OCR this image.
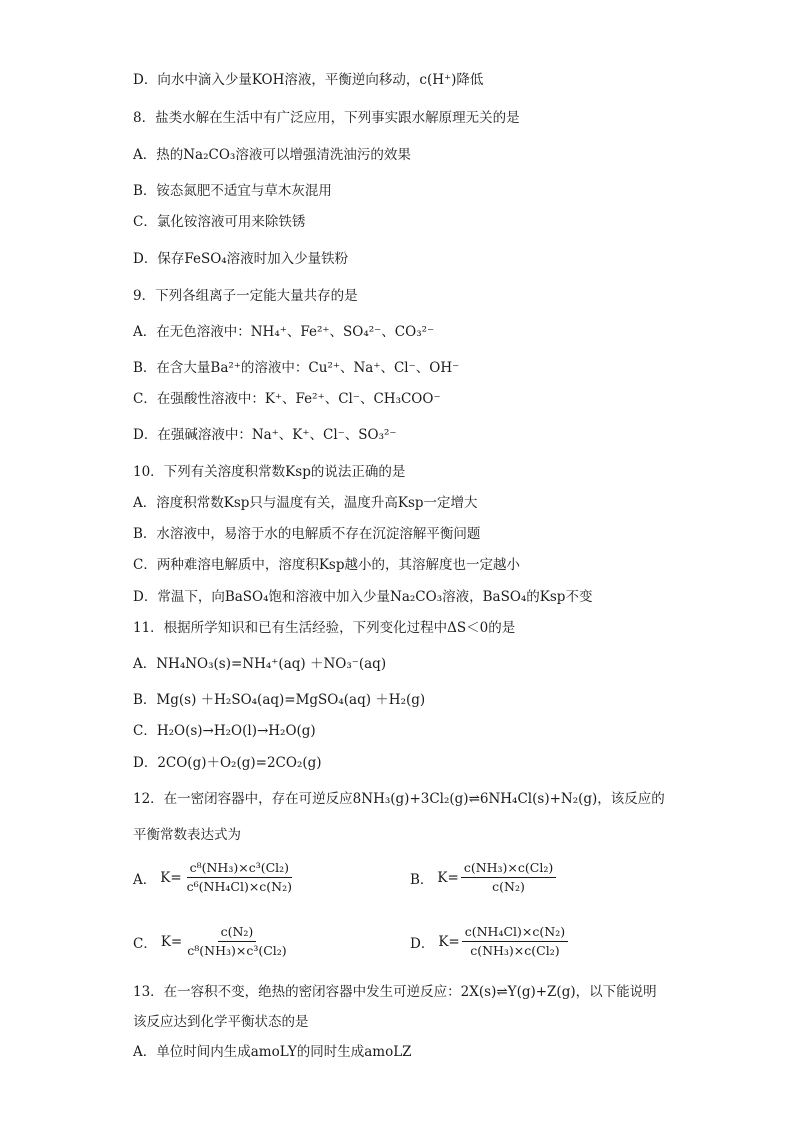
D．向水中滴入少量KOH溶液，平衡逆向移动，c(H⁺)降低
8．盐类水解在生活中有广泛应用，下列事实跟水解原理无关的是
A．热的Na₂CO₃溶液可以增强清洗油污的效果
B．铵态氮肥不适宜与草木灰混用
C．氯化铵溶液可用来除铁锈
D．保存FeSO₄溶液时加入少量铁粉
9．下列各组离子一定能大量共存的是
A．在无色溶液中：NH₄⁺、Fe²⁺、SO₄²⁻、CO₃²⁻
B．在含大量Ba²⁺的溶液中：Cu²⁺、Na⁺、Cl⁻、OH⁻
C．在强酸性溶液中：K⁺、Fe²⁺、Cl⁻、CH₃COO⁻
D．在强碱溶液中：Na⁺、K⁺、Cl⁻、SO₃²⁻
10．下列有关溶度积常数Ksp的说法正确的是
A．溶度积常数Ksp只与温度有关，温度升高Ksp一定增大
B．水溶液中，易溶于水的电解质不存在沉淀溶解平衡问题
C．两种难溶电解质中，溶度积Ksp越小的，其溶解度也一定越小
D．常温下，向BaSO₄饱和溶液中加入少量Na₂CO₃溶液，BaSO₄的Ksp不变
11．根据所学知识和已有生活经验，下列变化过程中ΔS＜0的是
A．NH₄NO₃(s)=NH₄⁺(aq) ＋NO₃⁻(aq)
B．Mg(s) ＋H₂SO₄(aq)=MgSO₄(aq) ＋H₂(g)
C．H₂O(s)→H₂O(l)→H₂O(g)
D．2CO(g)＋O₂(g)=2CO₂(g)
12．在一密闭容器中，存在可逆反应8NH₃(g)+3Cl₂(g)⇌6NH₄Cl(s)+N₂(g)，该反应的
平衡常数表达式为
A． $K= \frac{\text{c⁸(NH₃)×c³(Cl₂)}}{\text{c⁶(NH₄Cl)×c(N₂)}}$	B． $K= \frac{\text{c(NH₃)×c(Cl₂)}}{\text{c(N₂)}}$
C． $K= \frac{\text{c(N₂)}}{\text{c⁸(NH₃)×c³(Cl₂)}}$	D． $K= \frac{\text{c(NH₄Cl)×c(N₂)}}{\text{c(NH₃)×c(Cl₂)}}$
13．在一容积不变，绝热的密闭容器中发生可逆反应：2X(s)⇌Y(g)+Z(g)，以下能说明
该反应达到化学平衡状态的是
A．单位时间内生成amoLY的同时生成amoLZ
